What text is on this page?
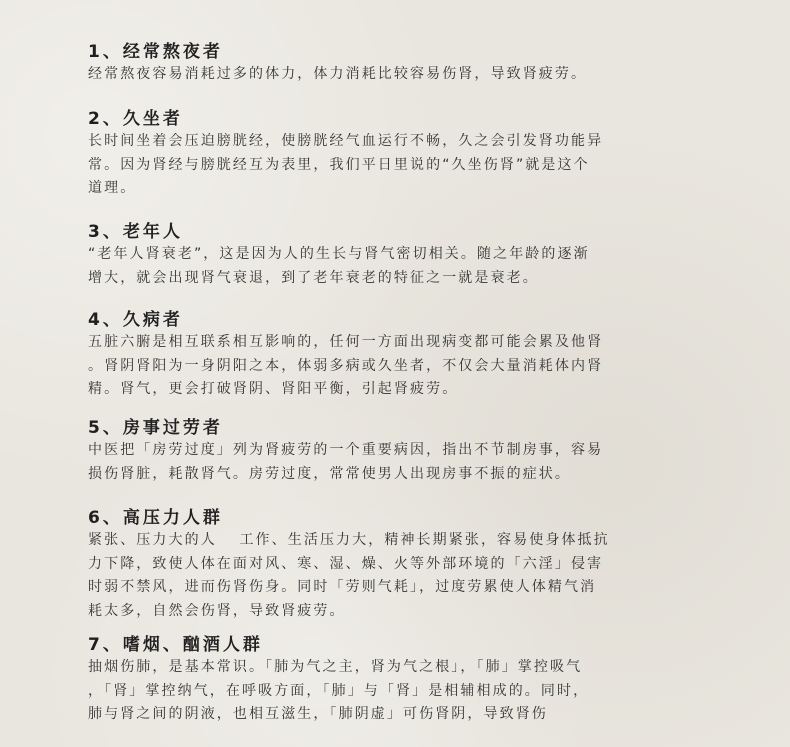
1、经常熬夜者
经常熬夜容易消耗过多的体力，体力消耗比较容易伤肾，导致肾疲劳。
2、久坐者
长时间坐着会压迫膀胱经，使膀胱经气血运行不畅，久之会引发肾功能异
常。因为肾经与膀胱经互为表里，我们平日里说的“久坐伤肾”就是这个
道理。
3、老年人
“老年人肾衰老”，这是因为人的生长与肾气密切相关。随之年龄的逐渐
增大，就会出现肾气衰退，到了老年衰老的特征之一就是衰老。
4、久病者
五脏六腑是相互联系相互影响的，任何一方面出现病变都可能会累及他肾
。肾阴肾阳为一身阴阳之本，体弱多病或久坐者，不仅会大量消耗体内肾
精。肾气，更会打破肾阴、肾阳平衡，引起肾疲劳。
5、房事过劳者
中医把「房劳过度」列为肾疲劳的一个重要病因，指出不节制房事，容易
损伤肾脏，耗散肾气。房劳过度，常常使男人出现房事不振的症状。
6、高压力人群
紧张、压力大的人　 工作、生活压力大，精神长期紧张，容易使身体抵抗
力下降，致使人体在面对风、寒、湿、燥、火等外部环境的「六淫」侵害
时弱不禁风，进而伤肾伤身。同时「劳则气耗」，过度劳累使人体精气消
耗太多，自然会伤肾，导致肾疲劳。
7、嗜烟、酗酒人群
抽烟伤肺，是基本常识。「肺为气之主，肾为气之根」，「肺」掌控吸气
，「肾」掌控纳气，在呼吸方面，「肺」与「肾」是相辅相成的。同时，
肺与肾之间的阴液，也相互滋生，「肺阴虚」可伤肾阴，导致肾伤
